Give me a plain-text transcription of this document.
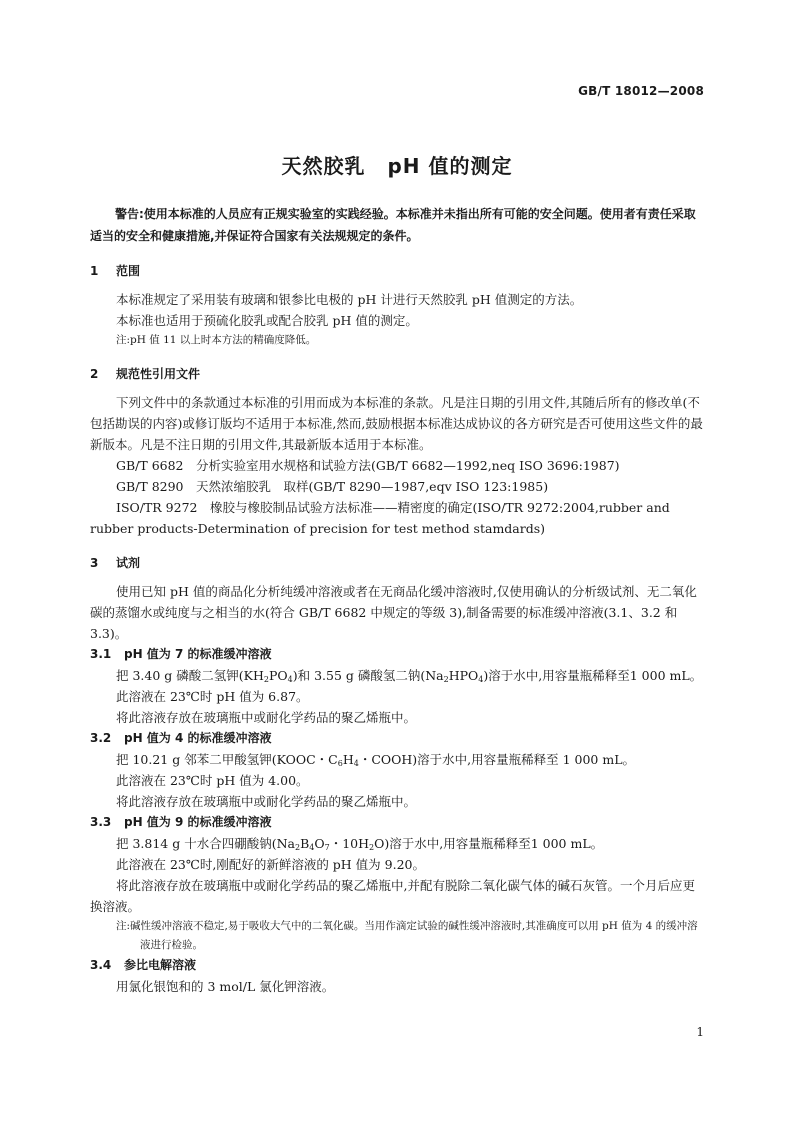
GB/T 18012—2008
天然胶乳 pH 值的测定

警告:使用本标准的人员应有正规实验室的实践经验。本标准并未指出所有可能的安全问题。使用者有责任采取适当的安全和健康措施,并保证符合国家有关法规规定的条件。

1 范围

本标准规定了采用装有玻璃和银参比电极的 pH 计进行天然胶乳 pH 值测定的方法。

本标准也适用于预硫化胶乳或配合胶乳 pH 值的测定。

注:pH 值 11 以上时本方法的精确度降低。

2 规范性引用文件

下列文件中的条款通过本标准的引用而成为本标准的条款。凡是注日期的引用文件,其随后所有的修改单(不包括勘误的内容)或修订版均不适用于本标准,然而,鼓励根据本标准达成协议的各方研究是否可使用这些文件的最新版本。凡是不注日期的引用文件,其最新版本适用于本标准。

GB/T 6682　分析实验室用水规格和试验方法(GB/T 6682—1992,neq ISO 3696:1987)

GB/T 8290　天然浓缩胶乳　取样(GB/T 8290—1987,eqv ISO 123:1985)

ISO/TR 9272　橡胶与橡胶制品试验方法标准——精密度的确定(ISO/TR 9272:2004,rubber and rubber products-Determination of precision for test method stamdards)

3 试剂

使用已知 pH 值的商品化分析纯缓冲溶液或者在无商品化缓冲溶液时,仅使用确认的分析级试剂、无二氧化碳的蒸馏水或纯度与之相当的水(符合 GB/T 6682 中规定的等级 3),制备需要的标准缓冲溶液(3.1、3.2 和 3.3)。

3.1 pH 值为 7 的标准缓冲溶液

把 3.40 g 磷酸二氢钾$(KH_2PO_4)$和 3.55 g 磷酸氢二钠$(Na_2HPO_4)$溶于水中,用容量瓶稀释至1 000 mL。

此溶液在 23℃时 pH 值为 6.87。

将此溶液存放在玻璃瓶中或耐化学药品的聚乙烯瓶中。

3.2 pH 值为 4 的标准缓冲溶液

把 10.21 g 邻苯二甲酸氢钾(KOOC・$C_6H_4$・COOH)溶于水中,用容量瓶稀释至 1 000 mL。

此溶液在 23℃时 pH 值为 4.00。

将此溶液存放在玻璃瓶中或耐化学药品的聚乙烯瓶中。

3.3 pH 值为 9 的标准缓冲溶液

把 3.814 g 十水合四硼酸钠($Na_2B_4O_7$・$10H_2O$)溶于水中,用容量瓶稀释至1 000 mL。

此溶液在 23℃时,刚配好的新鲜溶液的 pH 值为 9.20。

将此溶液存放在玻璃瓶中或耐化学药品的聚乙烯瓶中,并配有脱除二氧化碳气体的碱石灰管。一个月后应更换溶液。

注:碱性缓冲溶液不稳定,易于吸收大气中的二氧化碳。当用作滴定试验的碱性缓冲溶液时,其准确度可以用 pH 值为 4 的缓冲溶液进行检验。

3.4 参比电解溶液

用氯化银饱和的 3 mol/L 氯化钾溶液。

1
